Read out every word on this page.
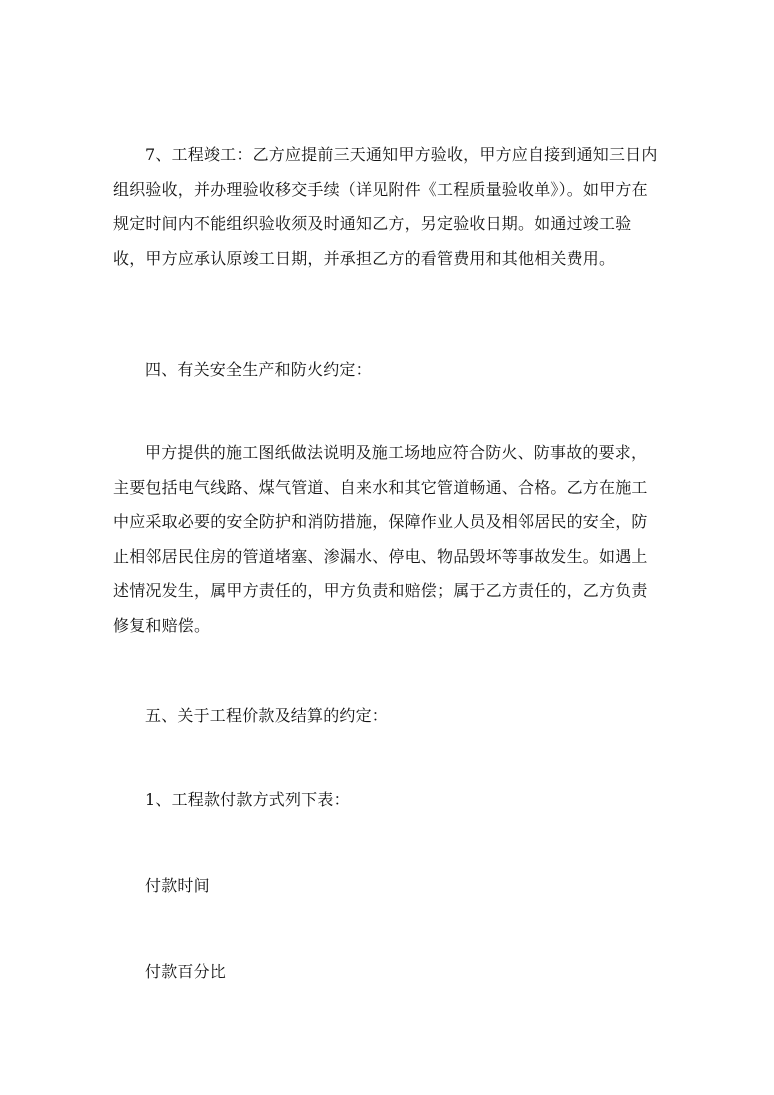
7、工程竣工：乙方应提前三天通知甲方验收，甲方应自接到通知三日内组织验收，并办理验收移交手续（详见附件《工程质量验收单》）。如甲方在规定时间内不能组织验收须及时通知乙方，另定验收日期。如通过竣工验收，甲方应承认原竣工日期，并承担乙方的看管费用和其他相关费用。

四、有关安全生产和防火约定：

甲方提供的施工图纸做法说明及施工场地应符合防火、防事故的要求，主要包括电气线路、煤气管道、自来水和其它管道畅通、合格。乙方在施工中应采取必要的安全防护和消防措施，保障作业人员及相邻居民的安全，防止相邻居民住房的管道堵塞、渗漏水、停电、物品毁坏等事故发生。如遇上述情况发生，属甲方责任的，甲方负责和赔偿；属于乙方责任的，乙方负责修复和赔偿。

五、关于工程价款及结算的约定：

1、工程款付款方式列下表：

付款时间

付款百分比
